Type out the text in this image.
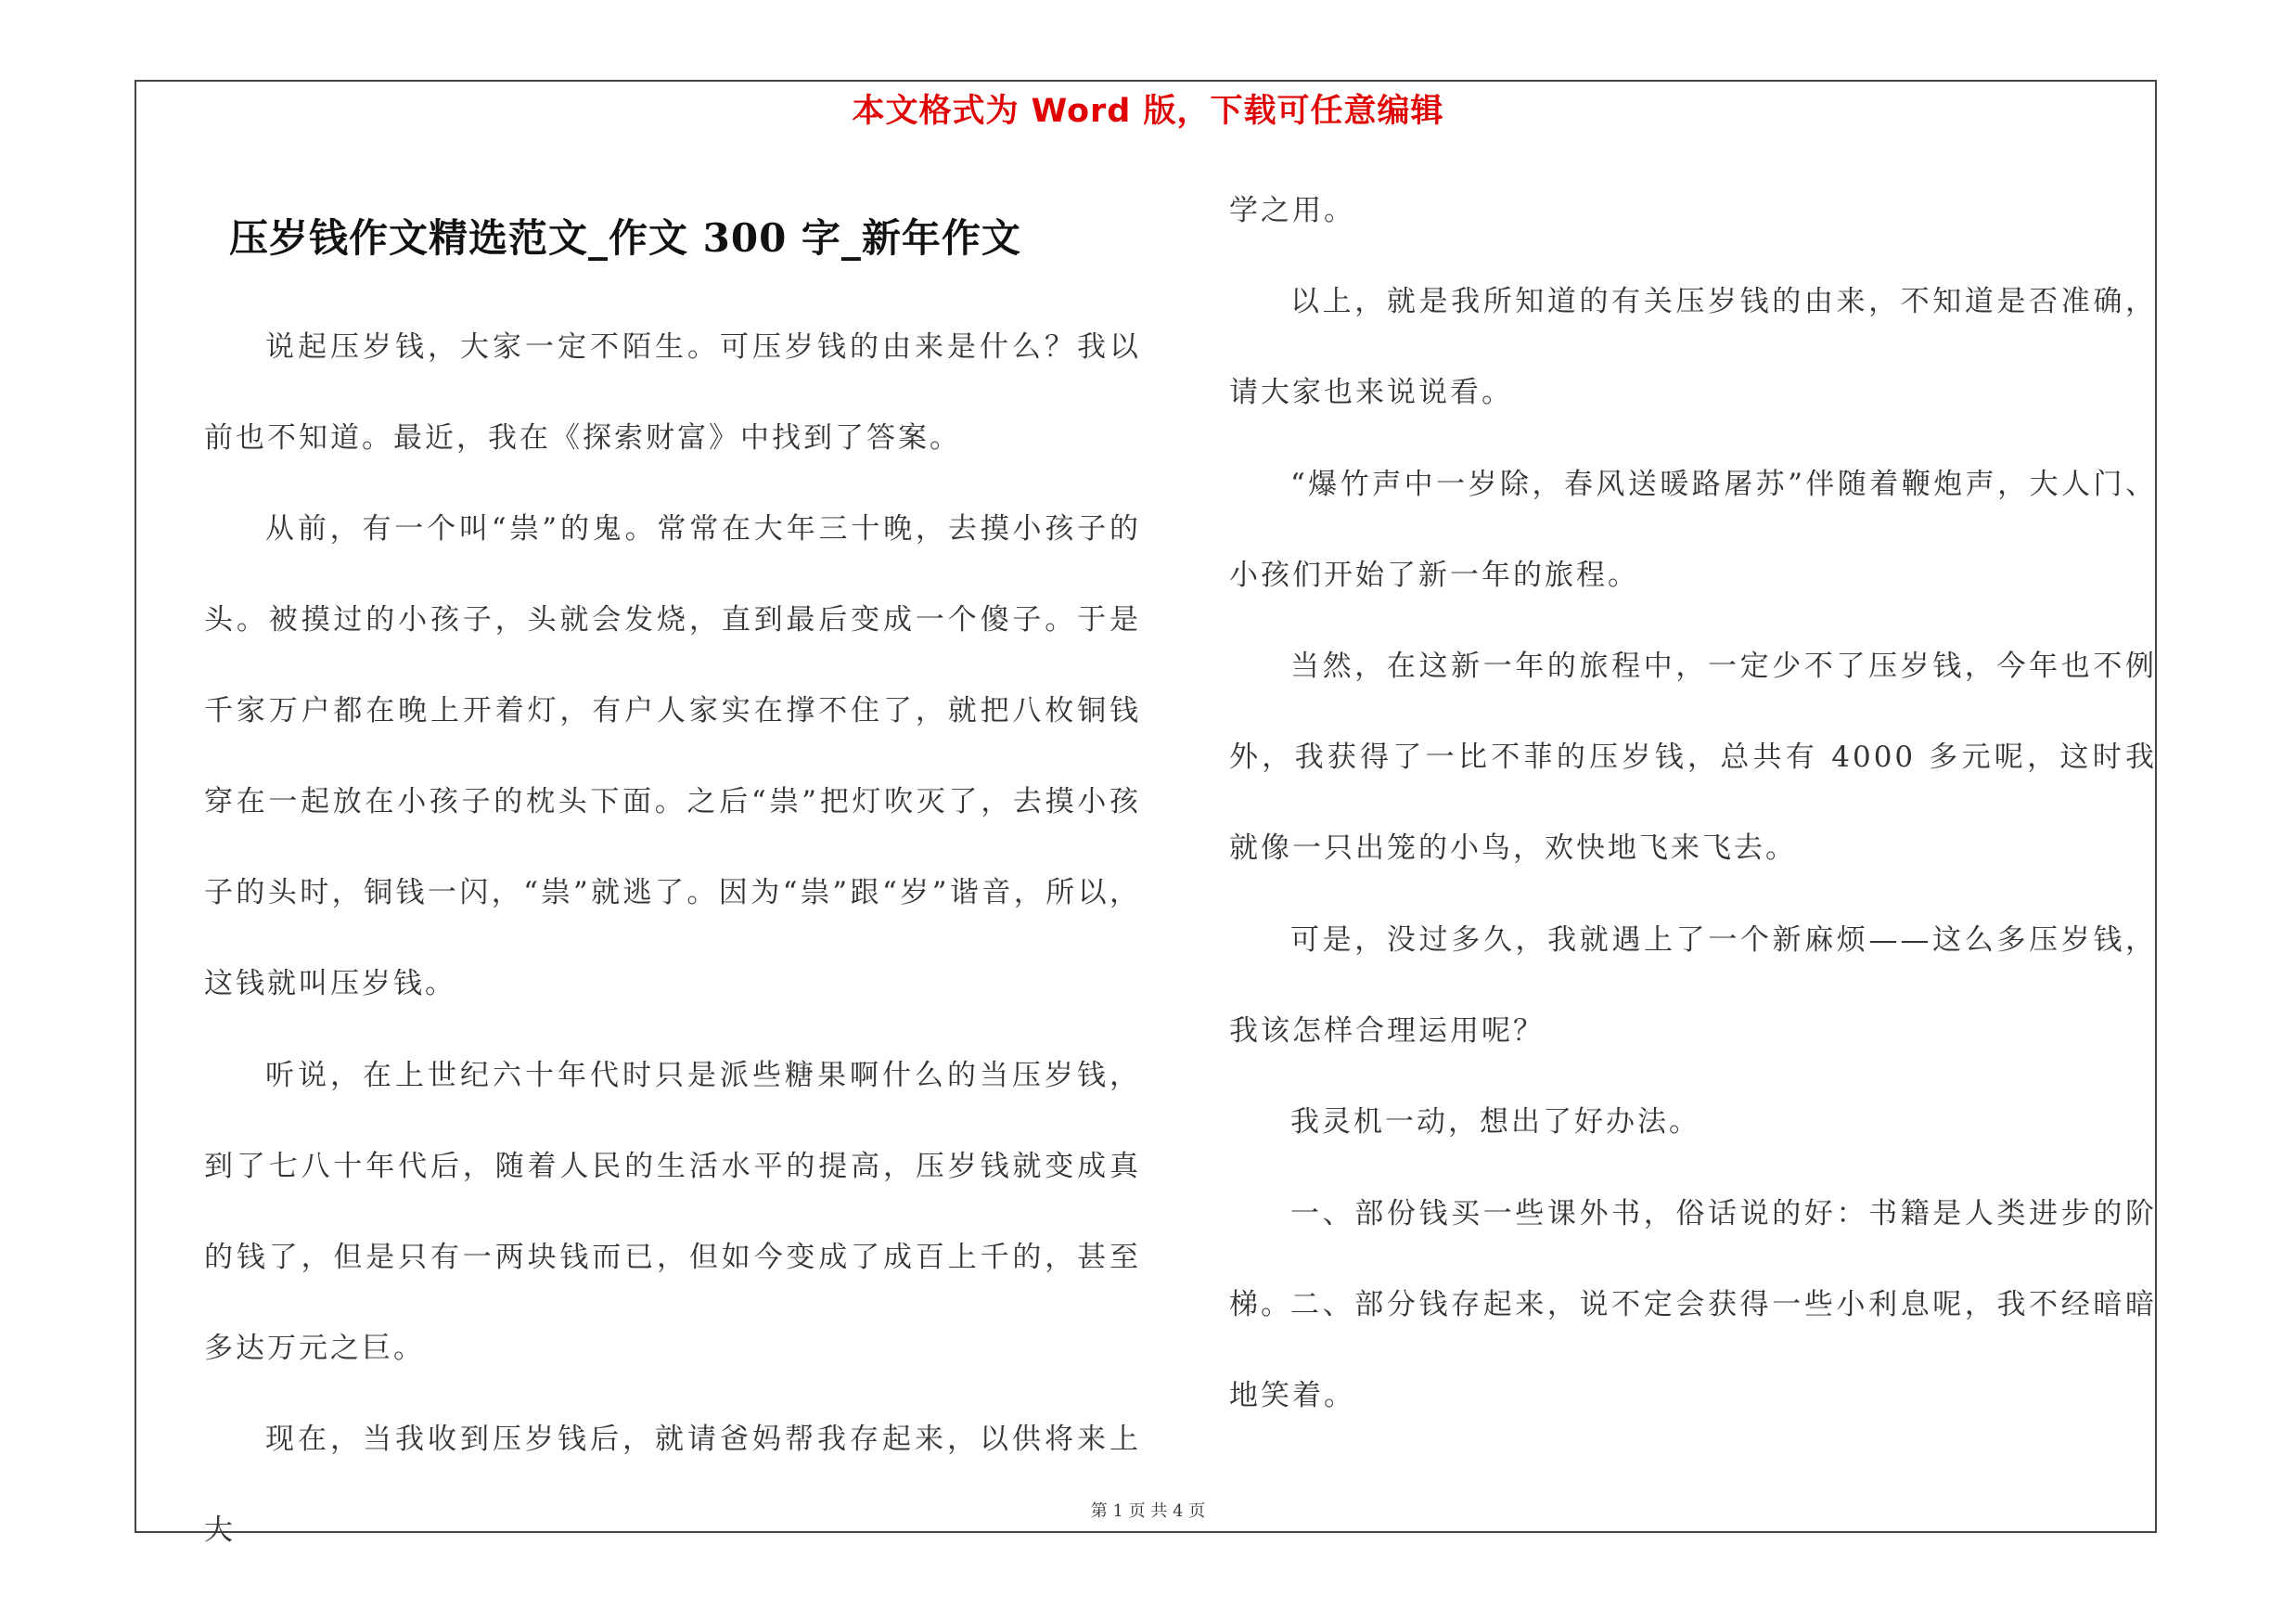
本文格式为 Word 版，下载可任意编辑
压岁钱作文精选范文_作文 300 字_新年作文

说起压岁钱，大家一定不陌生。可压岁钱的由来是什么？我以前也不知道。最近，我在《探索财富》中找到了答案。

从前，有一个叫“祟”的鬼。常常在大年三十晚，去摸小孩子的头。被摸过的小孩子，头就会发烧，直到最后变成一个傻子。于是千家万户都在晚上开着灯，有户人家实在撑不住了，就把八枚铜钱穿在一起放在小孩子的枕头下面。之后“祟”把灯吹灭了，去摸小孩子的头时，铜钱一闪，“祟”就逃了。因为“祟”跟“岁”谐音，所以，这钱就叫压岁钱。

听说，在上世纪六十年代时只是派些糖果啊什么的当压岁钱，到了七八十年代后，随着人民的生活水平的提高，压岁钱就变成真的钱了，但是只有一两块钱而已，但如今变成了成百上千的，甚至多达万元之巨。

现在，当我收到压岁钱后，就请爸妈帮我存起来，以供将来上大

学之用。

以上，就是我所知道的有关压岁钱的由来，不知道是否准确，请大家也来说说看。

“爆竹声中一岁除，春风送暖路屠苏”伴随着鞭炮声，大人门、小孩们开始了新一年的旅程。

当然，在这新一年的旅程中，一定少不了压岁钱，今年也不例外，我获得了一比不菲的压岁钱，总共有 4000 多元呢，这时我就像一只出笼的小鸟，欢快地飞来飞去。

可是，没过多久，我就遇上了一个新麻烦——这么多压岁钱，我该怎样合理运用呢？

我灵机一动，想出了好办法。

一、部份钱买一些课外书，俗话说的好：书籍是人类进步的阶梯。

二、部分钱存起来，说不定会获得一些小利息呢，我不经暗暗地笑着。

第 1 页 共 4 页
